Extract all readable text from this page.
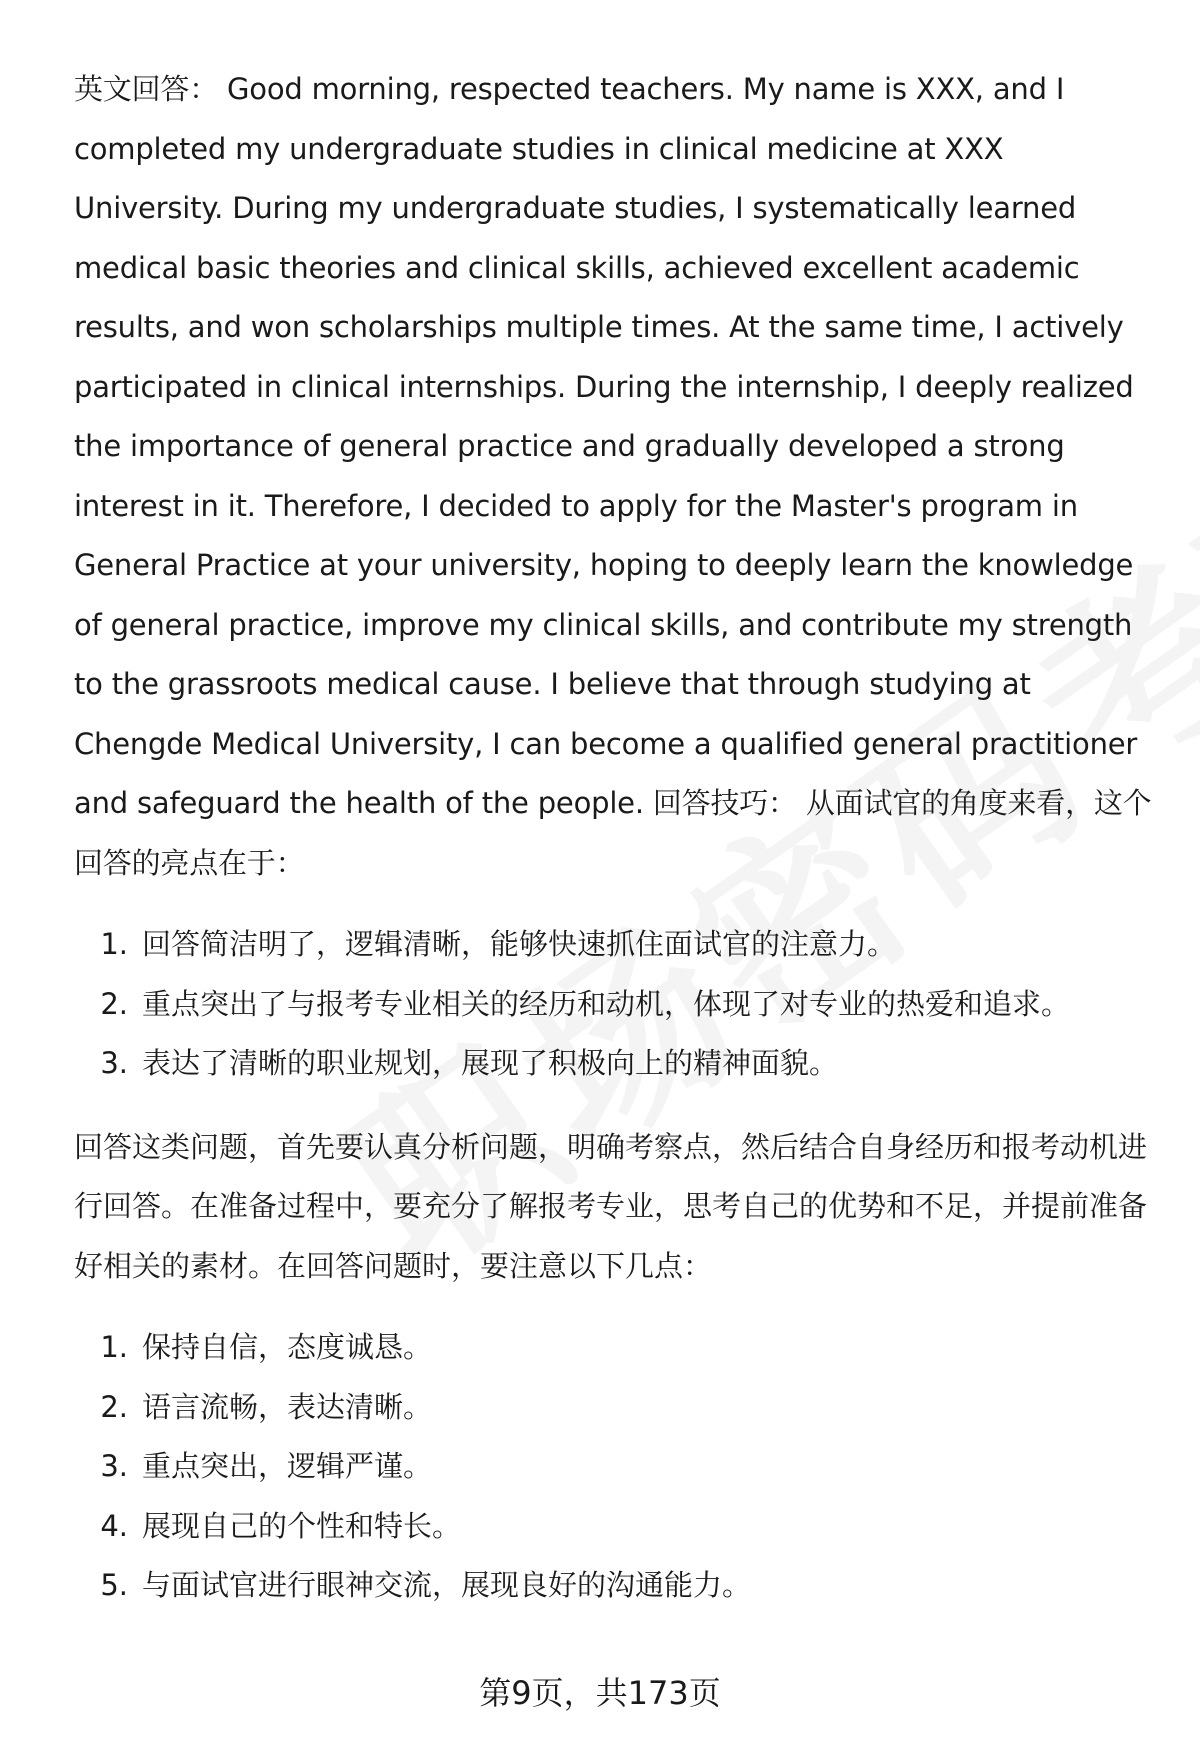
英文回答： Good morning, respected teachers. My name is XXX, and I completed my undergraduate studies in clinical medicine at XXX University. During my undergraduate studies, I systematically learned medical basic theories and clinical skills, achieved excellent academic results, and won scholarships multiple times. At the same time, I actively participated in clinical internships. During the internship, I deeply realized the importance of general practice and gradually developed a strong interest in it. Therefore, I decided to apply for the Master's program in General Practice at your university, hoping to deeply learn the knowledge of general practice, improve my clinical skills, and contribute my strength to the grassroots medical cause. I believe that through studying at Chengde Medical University, I can become a qualified general practitioner and safeguard the health of the people. 回答技巧： 从面试官的角度来看，这个回答的亮点在于：

1. 回答简洁明了，逻辑清晰，能够快速抓住面试官的注意力。
2. 重点突出了与报考专业相关的经历和动机，体现了对专业的热爱和追求。
3. 表达了清晰的职业规划，展现了积极向上的精神面貌。

回答这类问题，首先要认真分析问题，明确考察点，然后结合自身经历和报考动机进行回答。在准备过程中，要充分了解报考专业，思考自己的优势和不足，并提前准备好相关的素材。在回答问题时，要注意以下几点：

1. 保持自信，态度诚恳。
2. 语言流畅，表达清晰。
3. 重点突出，逻辑严谨。
4. 展现自己的个性和特长。
5. 与面试官进行眼神交流，展现良好的沟通能力。
第9页，共173页
